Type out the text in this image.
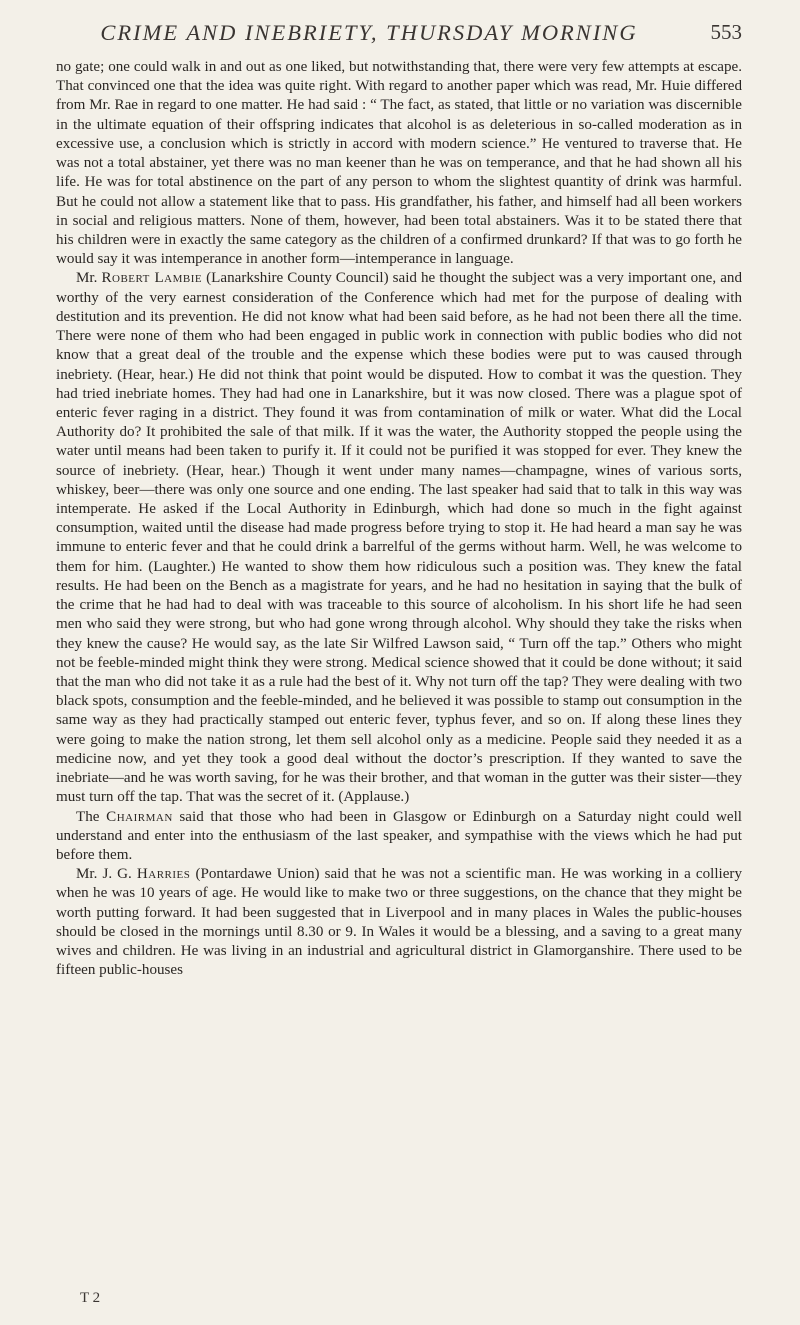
CRIME AND INEBRIETY, THURSDAY MORNING	553

no gate; one could walk in and out as one liked, but notwithstanding that, there were very few attempts at escape. That convinced one that the idea was quite right. With regard to another paper which was read, Mr. Huie differed from Mr. Rae in regard to one matter. He had said : “ The fact, as stated, that little or no variation was discernible in the ultimate equation of their offspring indicates that alcohol is as deleterious in so-called moderation as in excessive use, a conclusion which is strictly in accord with modern science.” He ventured to traverse that. He was not a total abstainer, yet there was no man keener than he was on temperance, and that he had shown all his life. He was for total abstinence on the part of any person to whom the slightest quantity of drink was harmful. But he could not allow a statement like that to pass. His grandfather, his father, and himself had all been workers in social and religious matters. None of them, however, had been total abstainers. Was it to be stated there that his children were in exactly the same category as the children of a confirmed drunkard? If that was to go forth he would say it was intemperance in another form—intemperance in language.

Mr. Robert Lambie (Lanarkshire County Council) said he thought the subject was a very important one, and worthy of the very earnest consideration of the Conference which had met for the purpose of dealing with destitution and its prevention. He did not know what had been said before, as he had not been there all the time. There were none of them who had been engaged in public work in connection with public bodies who did not know that a great deal of the trouble and the expense which these bodies were put to was caused through inebriety. (Hear, hear.) He did not think that point would be disputed. How to combat it was the question. They had tried inebriate homes. They had had one in Lanarkshire, but it was now closed. There was a plague spot of enteric fever raging in a district. They found it was from contamination of milk or water. What did the Local Authority do? It prohibited the sale of that milk. If it was the water, the Authority stopped the people using the water until means had been taken to purify it. If it could not be purified it was stopped for ever. They knew the source of inebriety. (Hear, hear.) Though it went under many names—champagne, wines of various sorts, whiskey, beer—there was only one source and one ending. The last speaker had said that to talk in this way was intemperate. He asked if the Local Authority in Edinburgh, which had done so much in the fight against consumption, waited until the disease had made progress before trying to stop it. He had heard a man say he was immune to enteric fever and that he could drink a barrelful of the germs without harm. Well, he was welcome to them for him. (Laughter.) He wanted to show them how ridiculous such a position was. They knew the fatal results. He had been on the Bench as a magistrate for years, and he had no hesitation in saying that the bulk of the crime that he had had to deal with was traceable to this source of alcoholism. In his short life he had seen men who said they were strong, but who had gone wrong through alcohol. Why should they take the risks when they knew the cause? He would say, as the late Sir Wilfred Lawson said, “ Turn off the tap.” Others who might not be feeble-minded might think they were strong. Medical science showed that it could be done without; it said that the man who did not take it as a rule had the best of it. Why not turn off the tap? They were dealing with two black spots, consumption and the feeble-minded, and he believed it was possible to stamp out consumption in the same way as they had practically stamped out enteric fever, typhus fever, and so on. If along these lines they were going to make the nation strong, let them sell alcohol only as a medicine. People said they needed it as a medicine now, and yet they took a good deal without the doctor’s prescription. If they wanted to save the inebriate—and he was worth saving, for he was their brother, and that woman in the gutter was their sister—they must turn off the tap. That was the secret of it. (Applause.)

The Chairman said that those who had been in Glasgow or Edinburgh on a Saturday night could well understand and enter into the enthusiasm of the last speaker, and sympathise with the views which he had put before them.

Mr. J. G. Harries (Pontardawe Union) said that he was not a scientific man. He was working in a colliery when he was 10 years of age. He would like to make two or three suggestions, on the chance that they might be worth putting forward. It had been suggested that in Liverpool and in many places in Wales the public-houses should be closed in the mornings until 8.30 or 9. In Wales it would be a blessing, and a saving to a great many wives and children. He was living in an industrial and agricultural district in Glamorganshire. There used to be fifteen public-houses

T 2
